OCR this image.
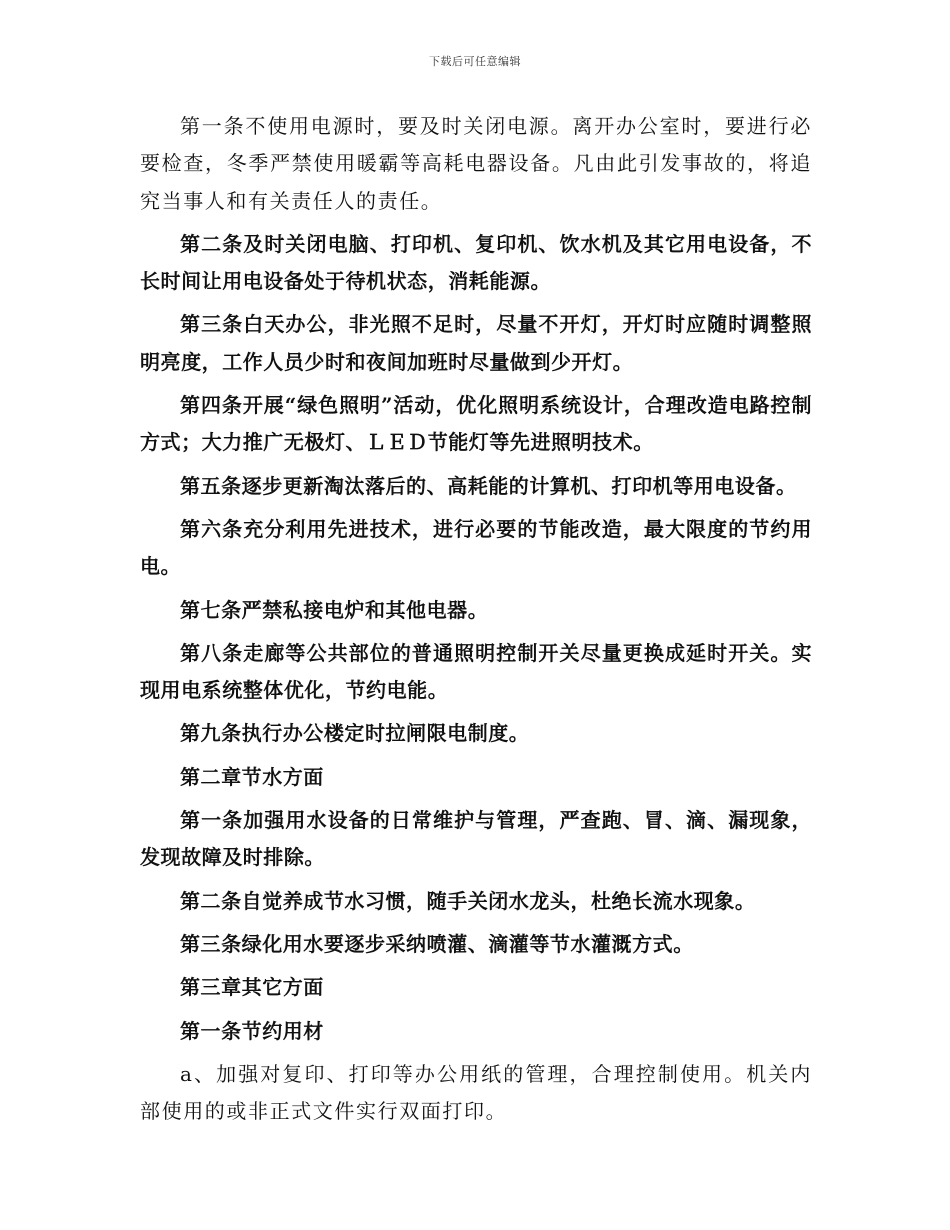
下载后可任意编辑

第一条不使用电源时，要及时关闭电源。离开办公室时，要进行必要检查，冬季严禁使用暖霸等高耗电器设备。凡由此引发事故的，将追究当事人和有关责任人的责任。

第二条及时关闭电脑、打印机、复印机、饮水机及其它用电设备，不长时间让用电设备处于待机状态，消耗能源。

第三条白天办公，非光照不足时，尽量不开灯，开灯时应随时调整照明亮度，工作人员少时和夜间加班时尽量做到少开灯。

第四条开展“绿色照明”活动，优化照明系统设计，合理改造电路控制方式；大力推广无极灯、ＬＥＤ节能灯等先进照明技术。

第五条逐步更新淘汰落后的、高耗能的计算机、打印机等用电设备。

第六条充分利用先进技术，进行必要的节能改造，最大限度的节约用电。

第七条严禁私接电炉和其他电器。

第八条走廊等公共部位的普通照明控制开关尽量更换成延时开关。实现用电系统整体优化，节约电能。

第九条执行办公楼定时拉闸限电制度。

第二章节水方面

第一条加强用水设备的日常维护与管理，严查跑、冒、滴、漏现象，发现故障及时排除。

第二条自觉养成节水习惯，随手关闭水龙头，杜绝长流水现象。

第三条绿化用水要逐步采纳喷灌、滴灌等节水灌溉方式。

第三章其它方面

第一条节约用材

a、加强对复印、打印等办公用纸的管理，合理控制使用。机关内部使用的或非正式文件实行双面打印。
